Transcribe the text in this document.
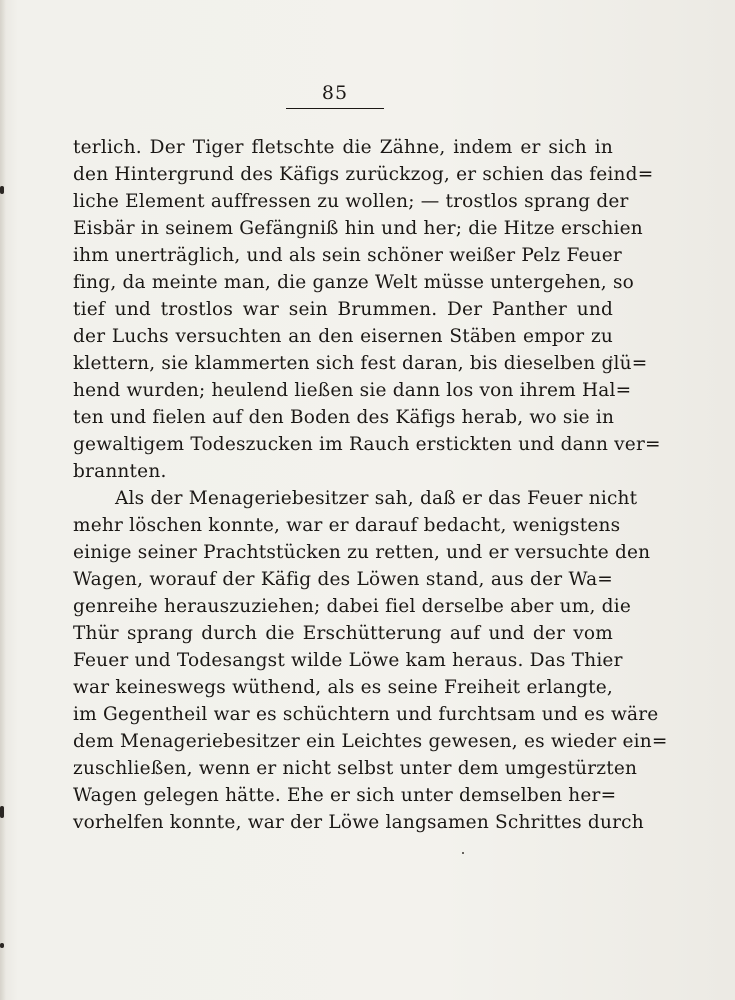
85
terlich. Der Tiger fletschte die Zähne, indem er sich in
den Hintergrund des Käfigs zurückzog, er schien das feind=
liche Element auffressen zu wollen; — trostlos sprang der
Eisbär in seinem Gefängniß hin und her; die Hitze erschien
ihm unerträglich, und als sein schöner weißer Pelz Feuer
fing, da meinte man, die ganze Welt müsse untergehen, so
tief und trostlos war sein Brummen. Der Panther und
der Luchs versuchten an den eisernen Stäben empor zu
klettern, sie klammerten sich fest daran, bis dieselben glü=
hend wurden; heulend ließen sie dann los von ihrem Hal=
ten und fielen auf den Boden des Käfigs herab, wo sie in
gewaltigem Todeszucken im Rauch erstickten und dann ver=
brannten.
Als der Menageriebesitzer sah, daß er das Feuer nicht
mehr löschen konnte, war er darauf bedacht, wenigstens
einige seiner Prachtstücken zu retten, und er versuchte den
Wagen, worauf der Käfig des Löwen stand, aus der Wa=
genreihe herauszuziehen; dabei fiel derselbe aber um, die
Thür sprang durch die Erschütterung auf und der vom
Feuer und Todesangst wilde Löwe kam heraus. Das Thier
war keineswegs wüthend, als es seine Freiheit erlangte,
im Gegentheil war es schüchtern und furchtsam und es wäre
dem Menageriebesitzer ein Leichtes gewesen, es wieder ein=
zuschließen, wenn er nicht selbst unter dem umgestürzten
Wagen gelegen hätte. Ehe er sich unter demselben her=
vorhelfen konnte, war der Löwe langsamen Schrittes durch
